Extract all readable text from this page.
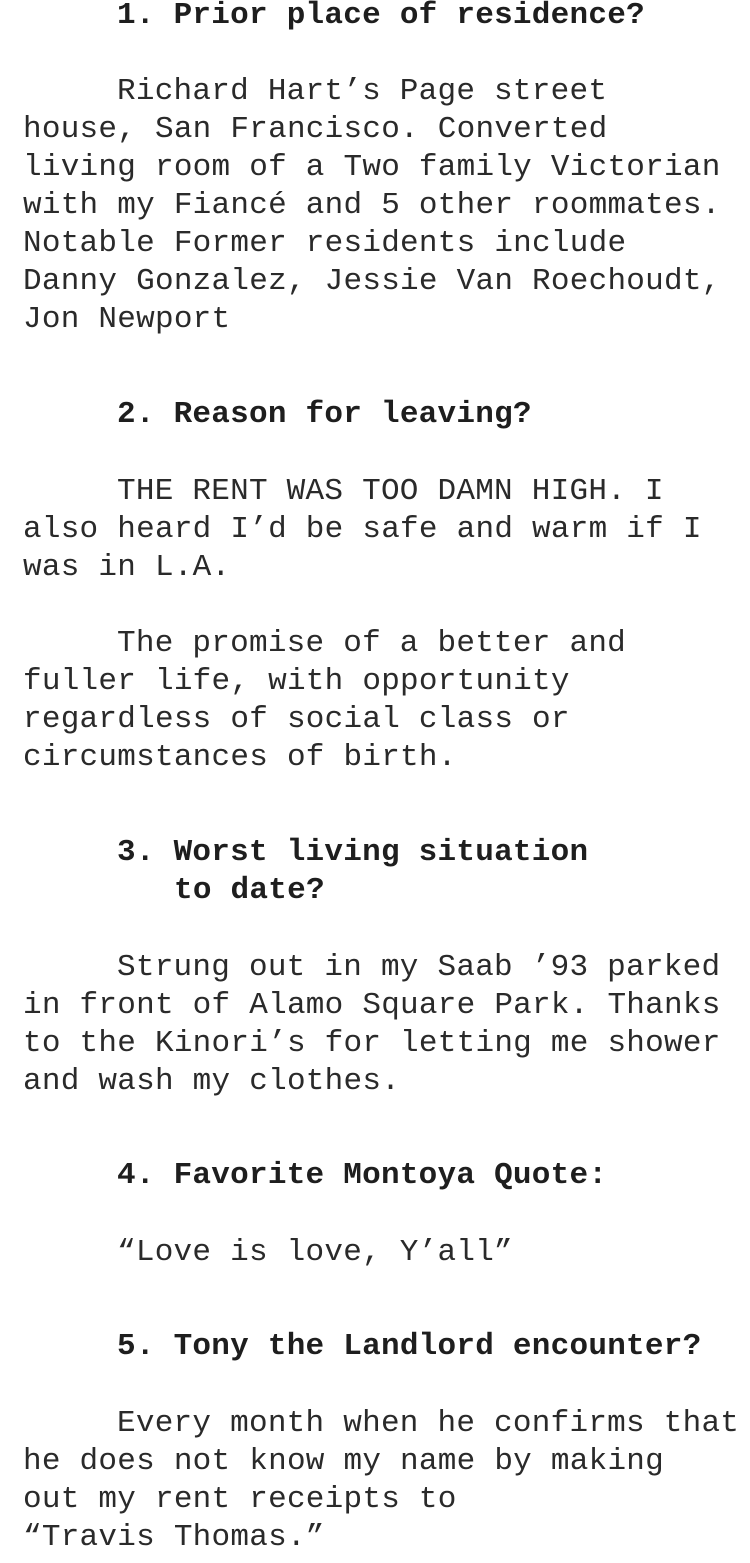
1. Prior place of residence?
Richard Hart’s Page street
house, San Francisco. Converted
living room of a Two family Victorian
with my Fiancé and 5 other roommates.
Notable Former residents include
Danny Gonzalez, Jessie Van Roechoudt,
Jon Newport
2. Reason for leaving?
THE RENT WAS TOO DAMN HIGH. I
also heard I’d be safe and warm if I
was in L.A.
The promise of a better and
fuller life, with opportunity
regardless of social class or
circumstances of birth.
3. Worst living situation
to date?
Strung out in my Saab ’93 parked
in front of Alamo Square Park. Thanks
to the Kinori’s for letting me shower
and wash my clothes.
4. Favorite Montoya Quote:
“Love is love, Y’all”
5. Tony the Landlord encounter?
Every month when he confirms that
he does not know my name by making
out my rent receipts to
“Travis Thomas.”
